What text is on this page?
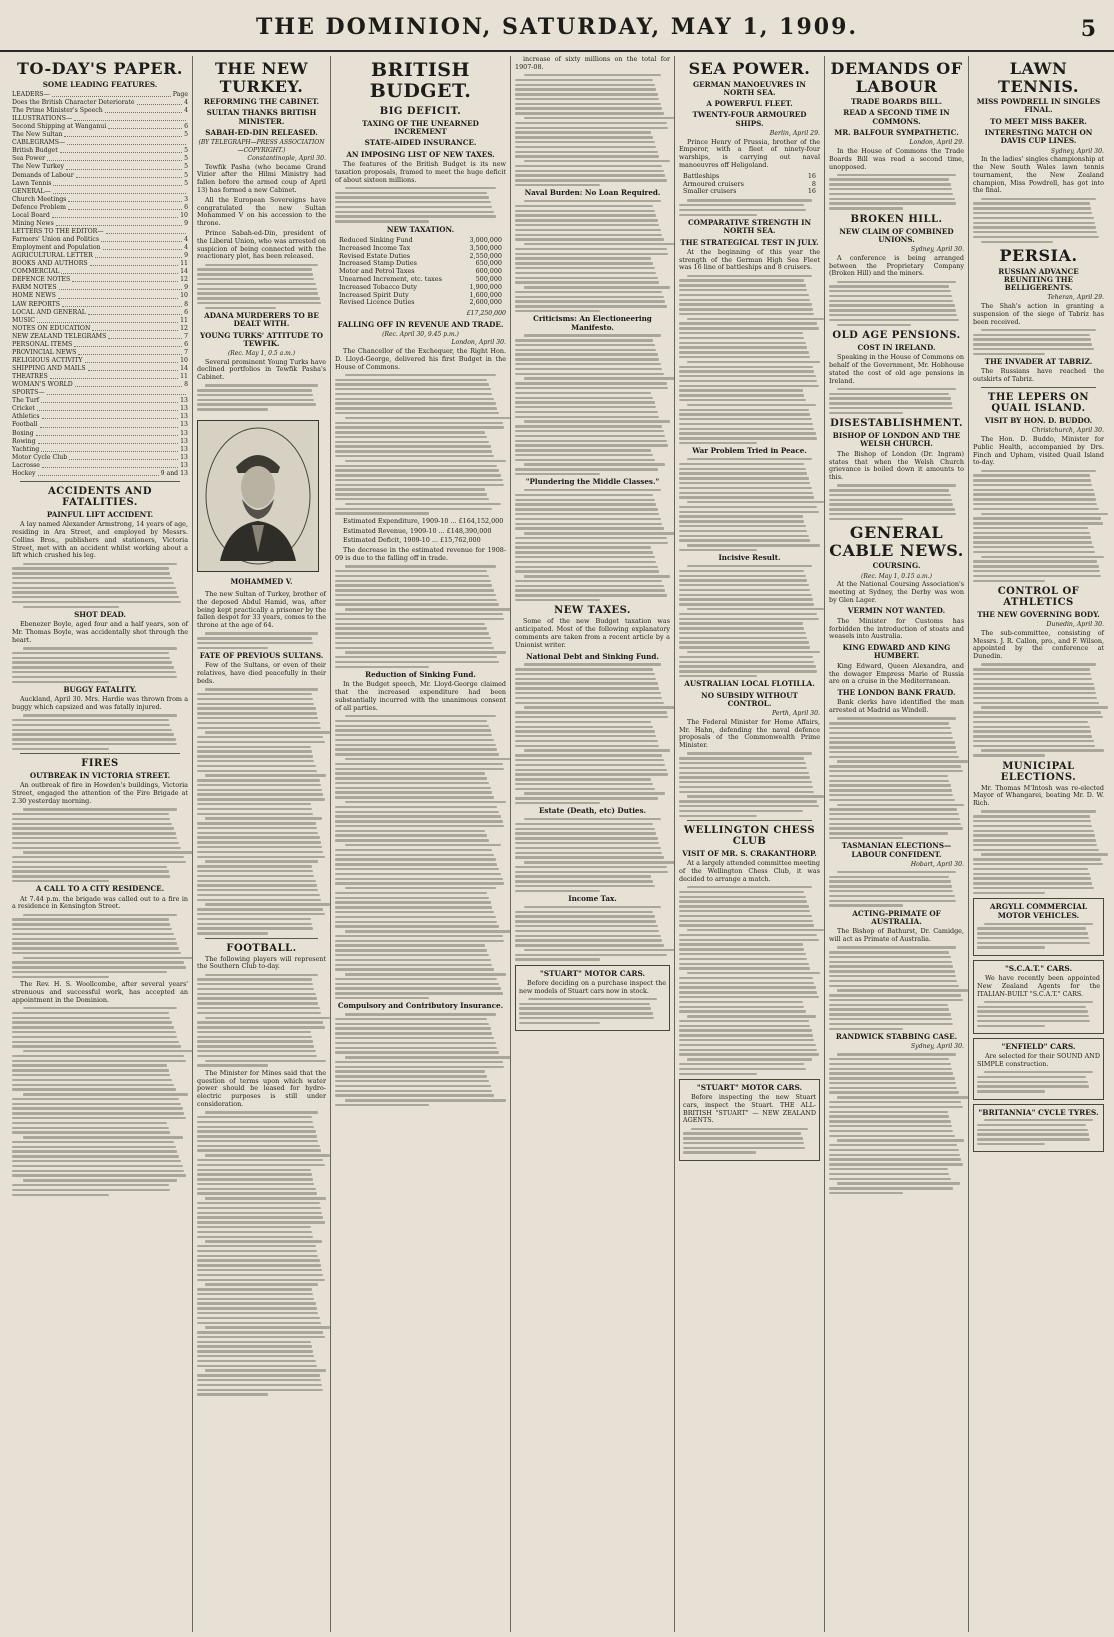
THE DOMINION, SATURDAY, MAY 1, 1909.	5
TO-DAY'S PAPER.
SOME LEADING FEATURES.
LEADERS—	Page
Does the British Character Deteriorate	4
The Prime Minister's Speech	4
ILLUSTRATIONS—
Second Shipping at Wanganui	6
The New Sultan	5
CABLEGRAMS—
British Budget	5
Sea Power	5
The New Turkey	5
Demands of Labour	5
Lawn Tennis	5
GENERAL—
Church Meetings	3
Defence Problem	6
Local Board	10
Mining News	9
LETTERS TO THE EDITOR—
Farmers' Union and Politics	4
Employment and Population	4
AGRICULTURAL LETTER	9
BOOKS AND AUTHORS	11
COMMERCIAL	14
DEFENCE NOTES	12
FARM NOTES	9
HOME NEWS	10
LAW REPORTS	8
LOCAL AND GENERAL	6
MUSIC	11
NOTES ON EDUCATION	12
NEW ZEALAND TELEGRAMS	7
PERSONAL ITEMS	6
PROVINCIAL NEWS	7
RELIGIOUS ACTIVITY	10
SHIPPING AND MAILS	14
THEATRES	11
WOMAN'S WORLD	8
SPORTS—
The Turf	13
Cricket	13
Athletics	13
Football	13
Boxing	13
Rowing	13
Yachting	13
Motor Cycle Club	13
Lacrosse	13
Hockey	9 and 13
ACCIDENTS AND FATALITIES.
PAINFUL LIFT ACCIDENT.
A lay named Alexander Armstrong, 14 years of age, residing in Ara Street, and employed by Messrs. Collins Bros., publishers and stationers, Victoria Street, met with an accident whilst working about a lift which crushed his leg.
SHOT DEAD.
Ebenezer Boyle, aged four and a half years, son of Mr. Thomas Boyle, was accidentally shot through the heart.
BUGGY FATALITY.
Auckland, April 30. Mrs. Hardie was thrown from a buggy which capsized and was fatally injured.
FIRES
OUTBREAK IN VICTORIA STREET.
An outbreak of fire in Howden's buildings, Victoria Street, engaged the attention of the Fire Brigade at 2.30 yesterday morning.
A CALL TO A CITY RESIDENCE.
At 7.44 p.m. the brigade was called out to a fire in a residence in Kensington Street.
The Rev. H. S. Woollcombe, after several years' strenuous and successful work, has accepted an appointment in the Dominion.
THE NEW TURKEY.
REFORMING THE CABINET.
SULTAN THANKS BRITISH MINISTER.
SABAH-ED-DIN RELEASED.
(BY TELEGRAPH—PRESS ASSOCIATION—COPYRIGHT.)
Constantinople, April 30.
Tewfik Pasha (who became Grand Vizier after the Hilmi Ministry had fallen before the armed coup of April 13) has formed a new Cabinet.
All the European Sovereigns have congratulated the new Sultan Mohammed V on his accession to the throne.
Prince Sabah-ed-Din, president of the Liberal Union, who was arrested on suspicion of being connected with the reactionary plot, has been released.
ADANA MURDERERS TO BE DEALT WITH.
YOUNG TURKS' ATTITUDE TO TEWFIK.
(Rec. May 1, 0.5 a.m.)
Several prominent Young Turks have declined portfolios in Tewfik Pasha's Cabinet.
MOHAMMED V.
The new Sultan of Turkey, brother of the deposed Abdul Hamid, was, after being kept practically a prisoner by the fallen despot for 33 years, comes to the throne at the age of 64.
FATE OF PREVIOUS SULTANS.
Few of the Sultans, or even of their relatives, have died peacefully in their beds.
FOOTBALL.
The following players will represent the Southern Club to-day.
The Minister for Mines said that the question of terms upon which water power should be leased for hydro-electric purposes is still under consideration.
BRITISH BUDGET.
BIG DEFICIT.
TAXING OF THE UNEARNED INCREMENT
STATE-AIDED INSURANCE.
AN IMPOSING LIST OF NEW TAXES.
The features of the British Budget is its new taxation proposals, framed to meet the huge deficit of about sixteen millions.
NEW TAXATION.
Reduced Sinking Fund	3,000,000
Increased Income Tax	3,500,000
Revised Estate Duties	2,550,000
Increased Stamp Duties	650,000
Motor and Petrol Taxes	600,000
Unearned Increment, etc. taxes	500,000
Increased Tobacco Duty	1,900,000
Increased Spirit Duty	1,600,000
Revised Licence Duties	2,600,000
£17,250,000
FALLING OFF IN REVENUE AND TRADE.
(Rec. April 30, 9.45 p.m.)
London, April 30.
The Chancellor of the Exchequer, the Right Hon. D. Lloyd-George, delivered his first Budget in the House of Commons.
Estimated Expenditure, 1909-10 ... £164,152,000
Estimated Revenue, 1909-10 ... £148,390,000
Estimated Deficit, 1909-10 ... £15,762,000
The decrease in the estimated revenue for 1908-09 is due to the falling off in trade.
Reduction of Sinking Fund.
In the Budget speech, Mr. Lloyd-George claimed that the increased expenditure had been substantially incurred with the unanimous consent of all parties.
Compulsory and Contributory Insurance.
increase of sixty millions on the total for 1907-08.
Naval Burden: No Loan Required.
Criticisms: An Electioneering Manifesto.
"Plundering the Middle Classes."
NEW TAXES.
Some of the new Budget taxation was anticipated. Most of the following explanatory comments are taken from a recent article by a Unionist writer.
National Debt and Sinking Fund.
Estate (Death, etc) Duties.
Income Tax.
"STUART" MOTOR CARS.
Before deciding on a purchase inspect the new models of Stuart cars now in stock.
SEA POWER.
GERMAN MANOEUVRES IN NORTH SEA.
A POWERFUL FLEET.
TWENTY-FOUR ARMOURED SHIPS.
Berlin, April 29.
Prince Henry of Prussia, brother of the Emperor, with a fleet of ninety-four warships, is carrying out naval manoeuvres off Heligoland.
Battleships	16
Armoured cruisers	8
Smaller cruisers	16
COMPARATIVE STRENGTH IN NORTH SEA.
THE STRATEGICAL TEST IN JULY.
At the beginning of this year the strength of the German High Sea Fleet was 16 line of battleships and 8 cruisers.
War Problem Tried in Peace.
Incisive Result.
AUSTRALIAN LOCAL FLOTILLA.
NO SUBSIDY WITHOUT CONTROL.
Perth, April 30.
The Federal Minister for Home Affairs, Mr. Hahn, defending the naval defence proposals of the Commonwealth Prime Minister.
WELLINGTON CHESS CLUB
VISIT OF MR. S. CRAKANTHORP.
At a largely attended committee meeting of the Wellington Chess Club, it was decided to arrange a match.
"STUART" MOTOR CARS.
Before inspecting the new Stuart cars, inspect the Stuart. THE ALL-BRITISH "STUART" — NEW ZEALAND AGENTS.
DEMANDS OF LABOUR
TRADE BOARDS BILL.
READ A SECOND TIME IN COMMONS.
MR. BALFOUR SYMPATHETIC.
London, April 29.
In the House of Commons the Trade Boards Bill was read a second time, unopposed.
BROKEN HILL.
NEW CLAIM OF COMBINED UNIONS.
Sydney, April 30.
A conference is being arranged between the Proprietary Company (Broken Hill) and the miners.
OLD AGE PENSIONS.
COST IN IRELAND.
Speaking in the House of Commons on behalf of the Government, Mr. Hobhouse stated the cost of old age pensions in Ireland.
DISESTABLISHMENT.
BISHOP OF LONDON AND THE WELSH CHURCH.
The Bishop of London (Dr. Ingram) states that when the Welsh Church grievance is boiled down it amounts to this.
GENERAL CABLE NEWS.
COURSING.
(Rec. May 1, 0.15 a.m.)
At the National Coursing Association's meeting at Sydney, the Derby was won by Glen Lager.
VERMIN NOT WANTED.
The Minister for Customs has forbidden the introduction of stoats and weasels into Australia.
KING EDWARD AND KING HUMBERT.
King Edward, Queen Alexandra, and the dowager Empress Marie of Russia are on a cruise in the Mediterranean.
THE LONDON BANK FRAUD.
Bank clerks have identified the man arrested at Madrid as Windell.
TASMANIAN ELECTIONS—LABOUR CONFIDENT.
Hobart, April 30.
ACTING-PRIMATE OF AUSTRALIA.
The Bishop of Bathurst, Dr. Camidge, will act as Primate of Australia.
RANDWICK STABBING CASE.
Sydney, April 30.
LAWN TENNIS.
MISS POWDRELL IN SINGLES FINAL.
TO MEET MISS BAKER.
INTERESTING MATCH ON DAVIS CUP LINES.
Sydney, April 30.
In the ladies' singles championship at the New South Wales lawn tennis tournament, the New Zealand champion, Miss Powdrell, has got into the final.
PERSIA.
RUSSIAN ADVANCE REUNITING THE BELLIGERENTS.
Teheran, April 29.
The Shah's action in granting a suspension of the siege of Tabriz has been received.
THE INVADER AT TABRIZ.
The Russians have reached the outskirts of Tabriz.
THE LEPERS ON QUAIL ISLAND.
VISIT BY HON. D. BUDDO.
Christchurch, April 30.
The Hon. D. Buddo, Minister for Public Health, accompanied by Drs. Finch and Upham, visited Quail Island to-day.
CONTROL OF ATHLETICS
THE NEW GOVERNING BODY.
Dunedin, April 30.
The sub-committee, consisting of Messrs. J. R. Callon, pro., and F. Wilson, appointed by the conference at Dunedin.
MUNICIPAL ELECTIONS.
Mr. Thomas M'Intosh was re-elected Mayor of Whangarei, beating Mr. D. W. Rich.
ARGYLL COMMERCIAL MOTOR VEHICLES.
"S.C.A.T." CARS.
We have recently been appointed New Zealand Agents for the ITALIAN-BUILT "S.C.A.T." CARS.
"ENFIELD" CARS.
Are selected for their SOUND AND SIMPLE construction.
"BRITANNIA" CYCLE TYRES.
